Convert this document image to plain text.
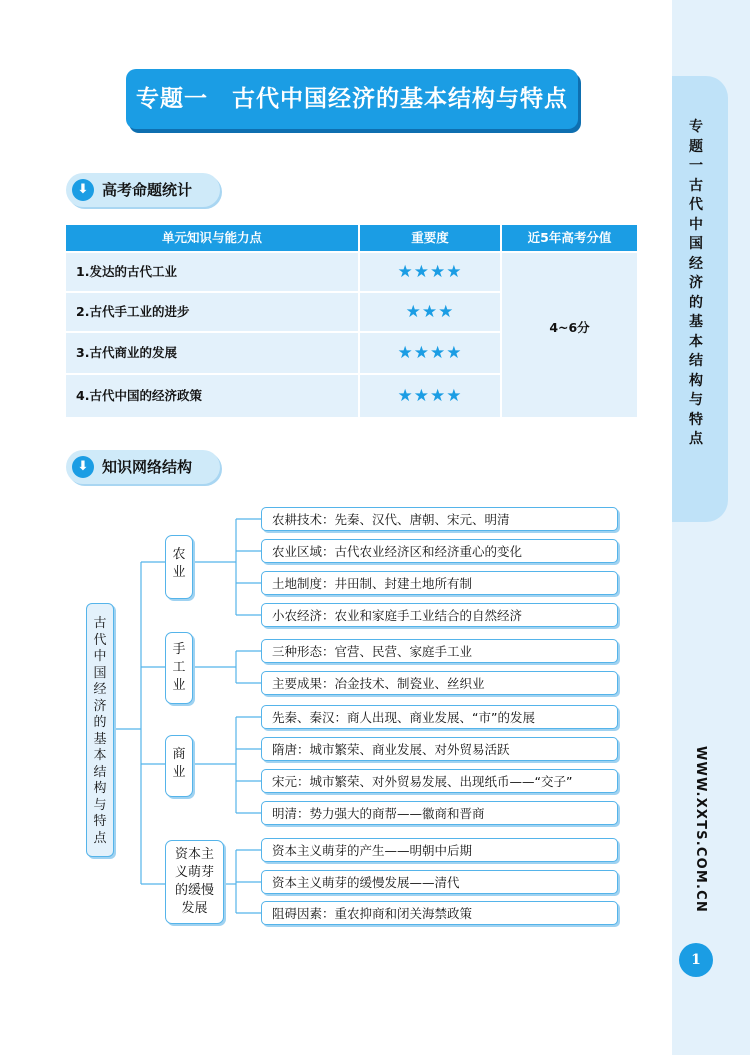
专题一古代中国经济的基本结构与特点
WWW.XXTS.COM.CN
1
专题一　古代中国经济的基本结构与特点
⬇ 高考命题统计
单元知识与能力点	重要度	近5年高考分值
1.发达的古代工业	★★★★
2.古代手工业的进步	★★★
3.古代商业的发展	★★★★
4.古代中国的经济政策	★★★★
4~6分
⬇ 知识网络结构
古代中国经济的基本结构与特点
农业
手工业
商业
资本主义萌芽的缓慢发展
农耕技术：先秦、汉代、唐朝、宋元、明清
农业区域：古代农业经济区和经济重心的变化
土地制度：井田制、封建土地所有制
小农经济：农业和家庭手工业结合的自然经济
三种形态：官营、民营、家庭手工业
主要成果：冶金技术、制瓷业、丝织业
先秦、秦汉：商人出现、商业发展、“市”的发展
隋唐：城市繁荣、商业发展、对外贸易活跃
宋元：城市繁荣、对外贸易发展、出现纸币——“交子”
明清：势力强大的商帮——徽商和晋商
资本主义萌芽的产生——明朝中后期
资本主义萌芽的缓慢发展——清代
阻碍因素：重农抑商和闭关海禁政策
